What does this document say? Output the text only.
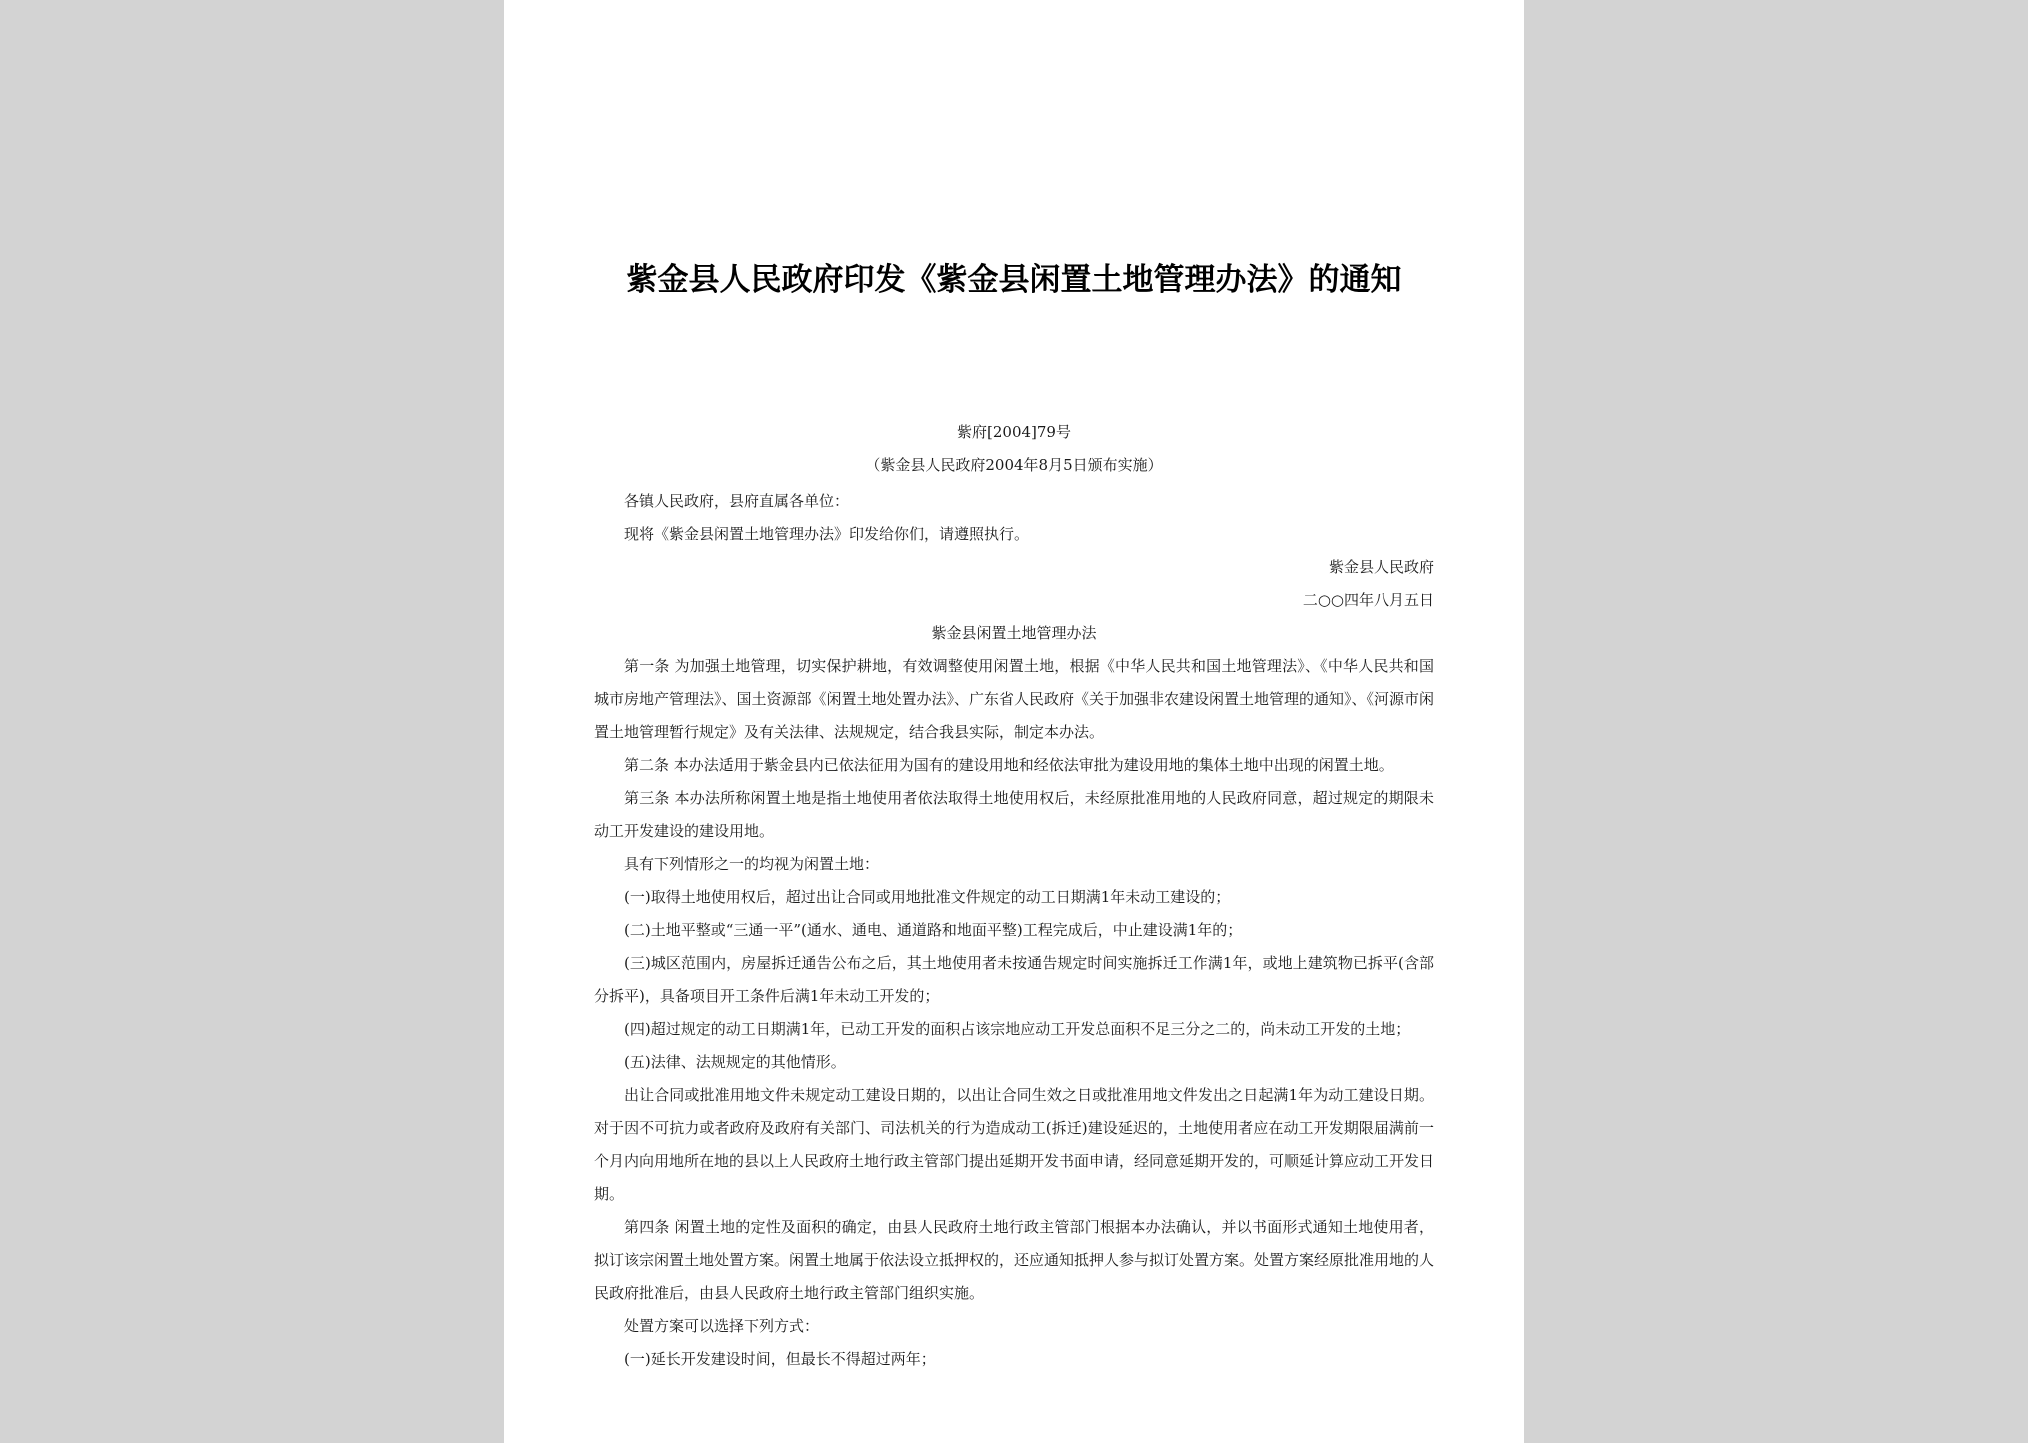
紫金县人民政府印发《紫金县闲置土地管理办法》的通知
紫府[2004]79号
（紫金县人民政府2004年8月5日颁布实施）

各镇人民政府，县府直属各单位：

现将《紫金县闲置土地管理办法》印发给你们，请遵照执行。

紫金县人民政府

二○○四年八月五日

紫金县闲置土地管理办法

第一条 为加强土地管理，切实保护耕地，有效调整使用闲置土地，根据《中华人民共和国土地管理法》、《中华人民共和国城市房地产管理法》、国土资源部《闲置土地处置办法》、广东省人民政府《关于加强非农建设闲置土地管理的通知》、《河源市闲置土地管理暂行规定》及有关法律、法规规定，结合我县实际，制定本办法。

第二条 本办法适用于紫金县内已依法征用为国有的建设用地和经依法审批为建设用地的集体土地中出现的闲置土地。

第三条 本办法所称闲置土地是指土地使用者依法取得土地使用权后，未经原批准用地的人民政府同意，超过规定的期限未动工开发建设的建设用地。

具有下列情形之一的均视为闲置土地：

(一)取得土地使用权后，超过出让合同或用地批准文件规定的动工日期满1年未动工建设的；

(二)土地平整或“三通一平”(通水、通电、通道路和地面平整)工程完成后，中止建设满1年的；

(三)城区范围内，房屋拆迁通告公布之后，其土地使用者未按通告规定时间实施拆迁工作满1年，或地上建筑物已拆平(含部分拆平)，具备项目开工条件后满1年未动工开发的；

(四)超过规定的动工日期满1年，已动工开发的面积占该宗地应动工开发总面积不足三分之二的，尚未动工开发的土地；

(五)法律、法规规定的其他情形。

出让合同或批准用地文件未规定动工建设日期的，以出让合同生效之日或批准用地文件发出之日起满1年为动工建设日期。对于因不可抗力或者政府及政府有关部门、司法机关的行为造成动工(拆迁)建设延迟的，土地使用者应在动工开发期限届满前一个月内向用地所在地的县以上人民政府土地行政主管部门提出延期开发书面申请，经同意延期开发的，可顺延计算应动工开发日期。

第四条 闲置土地的定性及面积的确定，由县人民政府土地行政主管部门根据本办法确认，并以书面形式通知土地使用者，拟订该宗闲置土地处置方案。闲置土地属于依法设立抵押权的，还应通知抵押人参与拟订处置方案。处置方案经原批准用地的人民政府批准后，由县人民政府土地行政主管部门组织实施。

处置方案可以选择下列方式：

(一)延长开发建设时间，但最长不得超过两年；
